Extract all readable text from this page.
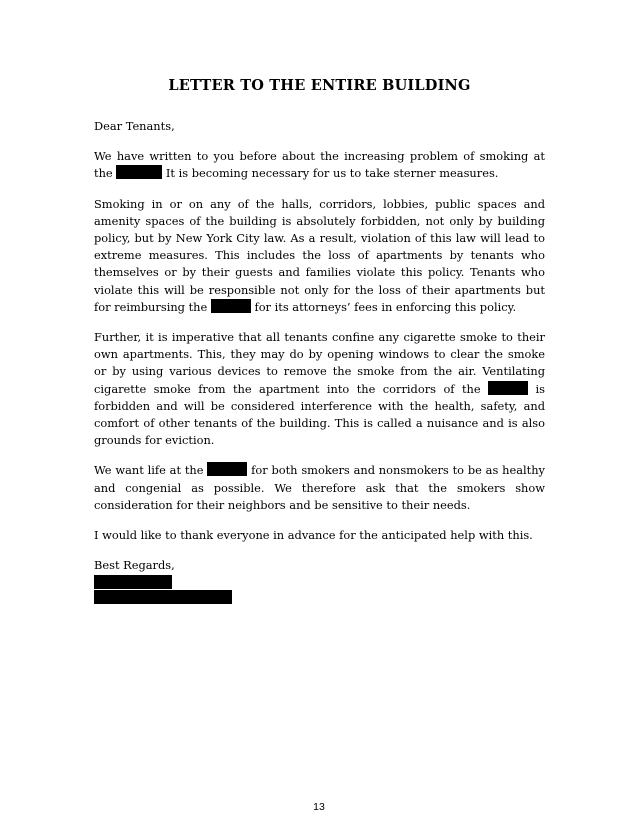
LETTER TO THE ENTIRE BUILDING

Dear Tenants,

We have written to you before about the increasing problem of smoking at the	It is becoming necessary for us to take sterner measures.

Smoking in or on any of the halls, corridors, lobbies, public spaces and amenity spaces of the building is absolutely forbidden, not only by building policy, but by New York City law. As a result, violation of this law will lead to extreme measures. This includes the loss of apartments by tenants who themselves or by their guests and families violate this policy. Tenants who violate this will be responsible not only for the loss of their apartments but for reimbursing the	for its attorneys’ fees in enforcing this policy.

Further, it is imperative that all tenants confine any cigarette smoke to their own apartments. This, they may do by opening windows to clear the smoke or by using various devices to remove the smoke from the air. Ventilating cigarette smoke from the apartment into the corridors of the	is forbidden and will be considered interference with the health, safety, and comfort of other tenants of the building. This is called a nuisance and is also grounds for eviction.

We want life at the	for both smokers and nonsmokers to be as healthy and congenial as possible. We therefore ask that the smokers show consideration for their neighbors and be sensitive to their needs.

I would like to thank everyone in advance for the anticipated help with this.

Best Regards,
13
